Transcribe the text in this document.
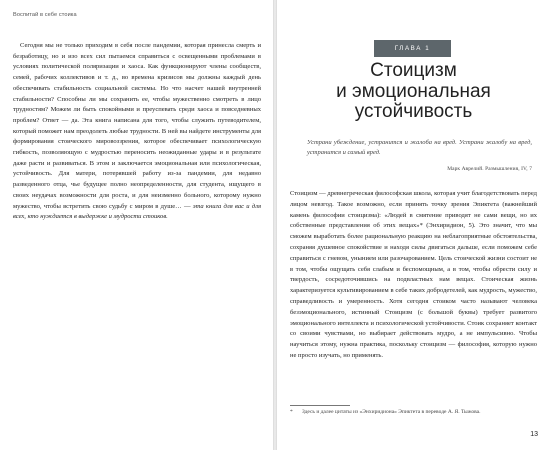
Воспитай в себе стоика
Сегодня мы не только приходим в себя после пандемии, которая принесла смерть и безработицу, но и изо всех сил пытаемся справиться с освещенными проблемами в условиях политической поляризации и хаоса. Как функционируют члены сообществ, семей, рабочих коллективов и т. д., во времена кризисов мы должны каждый день обеспечивать стабильность социальной системы. Но что насчет нашей внутренней стабильности? Способны ли мы сохранить ее, чтобы мужественно смотреть в лицо трудностям? Можем ли быть спокойными и преуспевать среди хаоса и повседневных проблем? Ответ — да. Эта книга написана для того, чтобы служить путеводителем, который поможет нам преодолеть любые трудности. В ней вы найдете инструменты для формирования стоического мировоззрения, которое обеспечивает психологическую гибкость, позволяющую с мудростью переносить неожиданные удары и в результате даже расти и развиваться. В этом и заключается эмоциональная или психологическая, устойчивость. Для матери, потерявшей работу из-за пандемии, для недавно разведенного отца, чье будущее полно неопределенности, для студента, ищущего в своих неудачах возможности для роста, и для неизменно больного, которому нужно мужество, чтобы встретить свою судьбу с миром в душе… — эта книга для вас и для всех, кто нуждается в выдержке и мудрости стоиков.
ГЛАВА 1
Стоицизм
и эмоциональная
устойчивость
Устрани убеждение, устранится и жалоба на вред. Устрани жалобу на вред, устранится и самый вред.
Марк Аврелий. Размышления, IV, 7
Стоицизм — древнегреческая философская школа, которая учит благодетствовать перед лицом невзгод. Такое возможно, если принять точку зрения Эпиктета (важнейший камень философии стоицизма): «Людей в смятение приводят не сами вещи, но их собственные представления об этих вещах»* (Энхиридион, 5). Это значит, что мы сможем выработать более рациональную реакцию на неблагоприятные обстоятельства, сохраняя душевное спокойствие и находя силы двигаться дальше, если поможем себе справиться с гневом, унынием или разочарованием. Цель стоической жизни состоит не в том, чтобы ощущать себя слабым и беспомощным, а в том, чтобы обрести силу и твердость, сосредоточившись на подвластных нам вещах. Стоическая жизнь характеризуется культивированием в себе таких добродетелей, как мудрость, мужество, справедливость и умеренность. Хотя сегодня стоиком часто называют человека безэмоционального, истинный Стоицизм (с большой буквы) требует развитого эмоционального интеллекта и психологической устойчивости. Стоик сохраняет контакт со своими чувствами, но выбирает действовать мудро, а не импульсивно. Чтобы научиться этому, нужна практика, поскольку стоицизм — философия, которую нужно не просто изучать, но применять.
* Здесь и далее цитаты из «Энхиридиона» Эпиктета в переводе А. Я. Тыжова.
13
